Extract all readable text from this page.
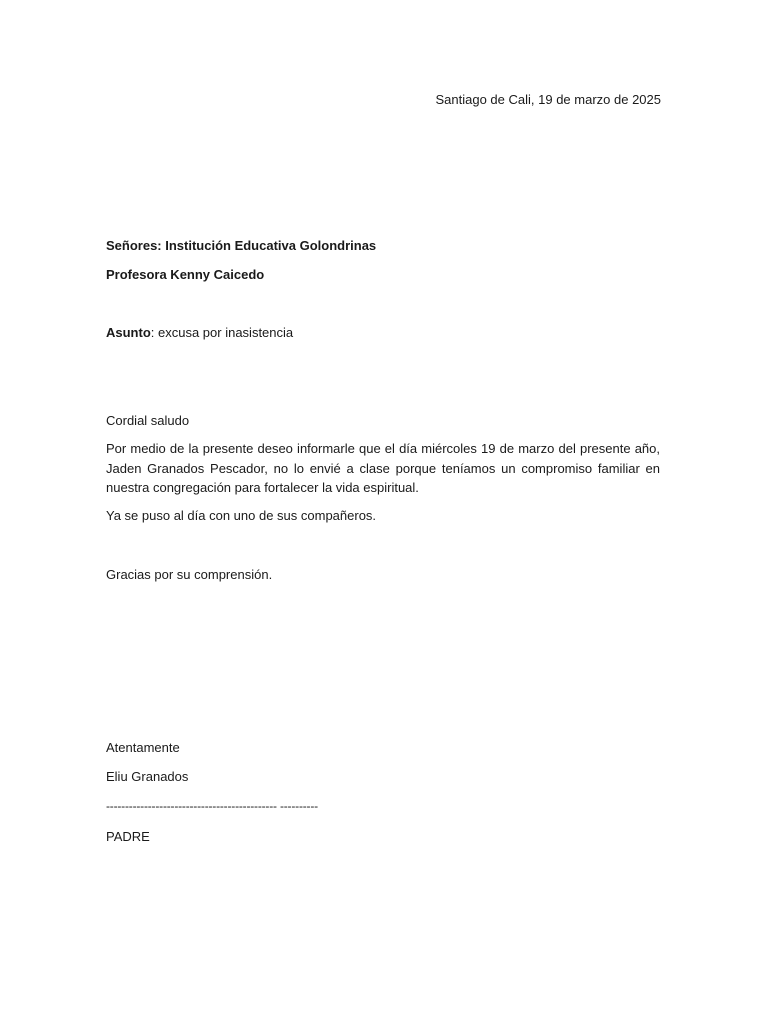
Santiago de Cali, 19 de marzo de 2025
Señores: Institución Educativa Golondrinas
Profesora Kenny Caicedo
Asunto: excusa por inasistencia
Cordial saludo
Por medio de la presente deseo informarle que el día miércoles 19 de marzo del presente año, Jaden Granados Pescador, no lo envié a clase porque teníamos un compromiso familiar en nuestra congregación para fortalecer la vida espiritual.
Ya se puso al día con uno de sus compañeros.
Gracias por su comprensión.
Atentamente
Eliu Granados
--------------------------------------------- ----------
PADRE
